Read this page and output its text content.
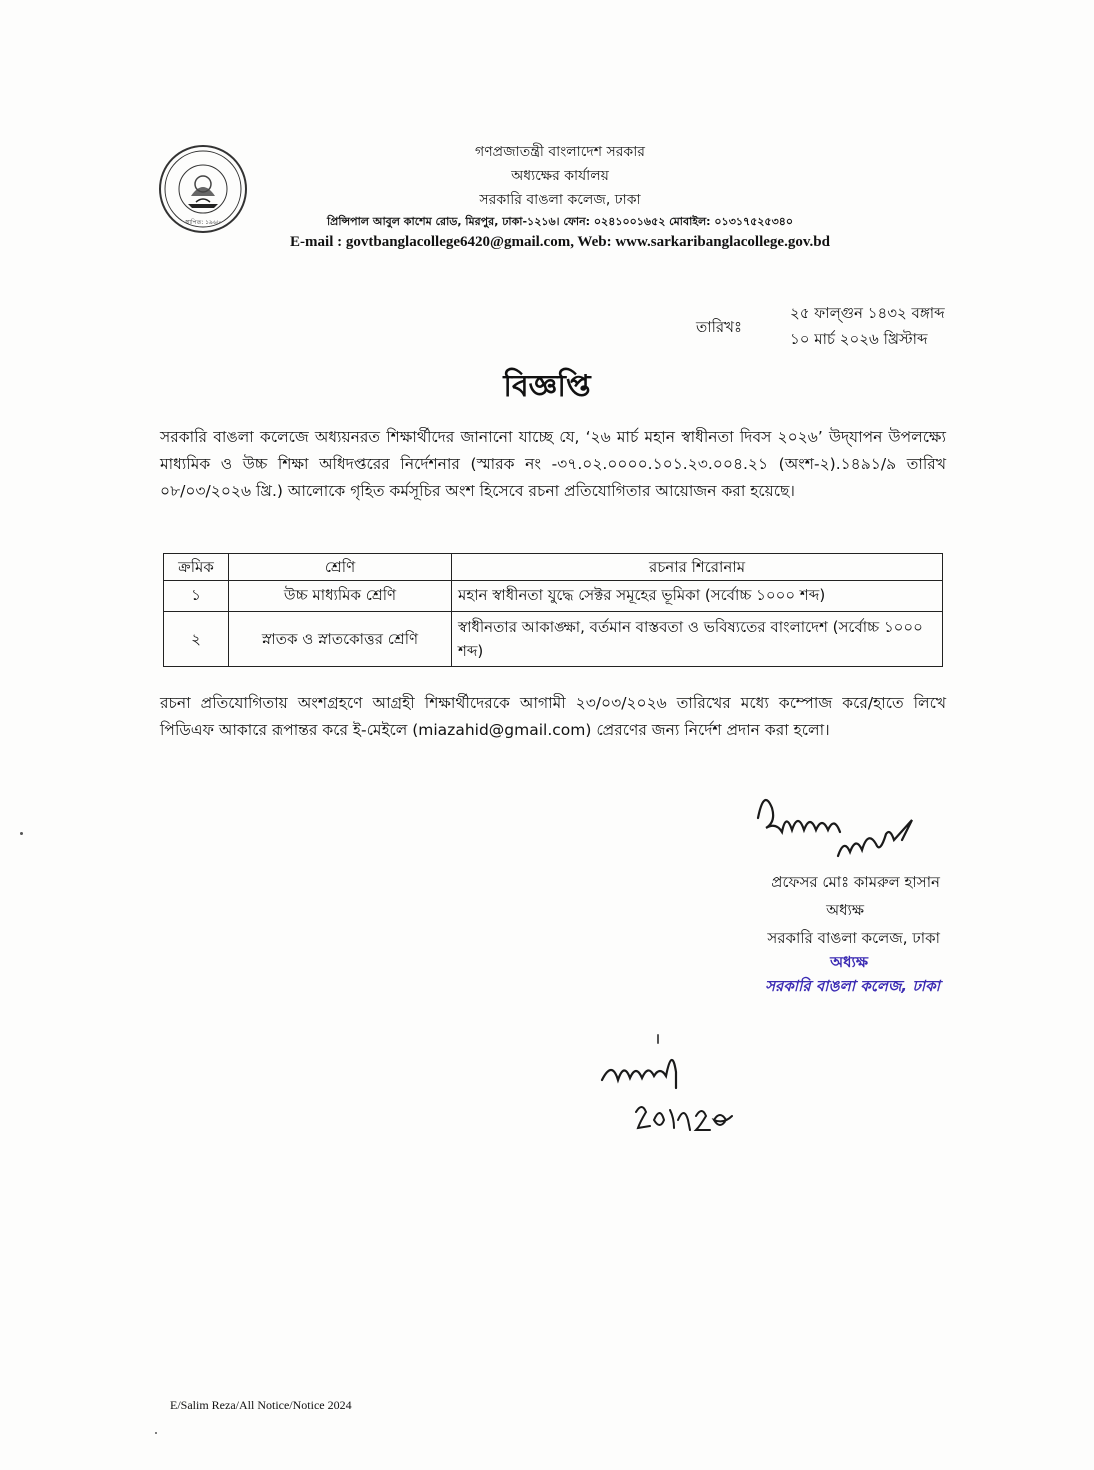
স্থাপিত: ১৯৬৮
গণপ্রজাতন্ত্রী বাংলাদেশ সরকার
অধ্যক্ষের কার্যালয়
সরকারি বাঙলা কলেজ, ঢাকা
প্রিন্সিপাল আবুল কাশেম রোড, মিরপুর, ঢাকা-১২১৬। ফোন: ০২৪১০০১৬৫২ মোবাইল: ০১৩১৭৫২৫৩৪০
E-mail : govtbanglacollege6420@gmail.com, Web: www.sarkaribanglacollege.gov.bd
তারিখঃ
২৫ ফাল্গুন ১৪৩২ বঙ্গাব্দ
১০ মার্চ ২০২৬ খ্রিস্টাব্দ
বিজ্ঞপ্তি
সরকারি বাঙলা কলেজে অধ্যয়নরত শিক্ষার্থীদের জানানো যাচ্ছে যে, ‘২৬ মার্চ মহান স্বাধীনতা দিবস ২০২৬’ উদ্‌যাপন উপলক্ষ্যে মাধ্যমিক ও উচ্চ শিক্ষা অধিদপ্তরের নির্দেশনার (স্মারক নং -৩৭.০২.০০০০.১০১.২৩.০০৪.২১ (অংশ-২).১৪৯১/৯ তারিখ ০৮/০৩/২০২৬ খ্রি.) আলোকে গৃহিত কর্মসূচির অংশ হিসেবে রচনা প্রতিযোগিতার আয়োজন করা হয়েছে।
ক্রমিক	শ্রেণি	রচনার শিরোনাম
১	উচ্চ মাধ্যমিক শ্রেণি	মহান স্বাধীনতা যুদ্ধে সেক্টর সমূহের ভূমিকা (সর্বোচ্চ ১০০০ শব্দ)
২	স্নাতক ও স্নাতকোত্তর শ্রেণি	স্বাধীনতার আকাঙ্ক্ষা, বর্তমান বাস্তবতা ও ভবিষ্যতের বাংলাদেশ (সর্বোচ্চ ১০০০ শব্দ)
রচনা প্রতিযোগিতায় অংশগ্রহণে আগ্রহী শিক্ষার্থীদেরকে আগামী ২৩/০৩/২০২৬ তারিখের মধ্যে কম্পোজ করে/হাতে লিখে পিডিএফ আকারে রূপান্তর করে ই-মেইলে (miazahid@gmail.com) প্রেরণের জন্য নির্দেশ প্রদান করা হলো।
প্রফেসর মোঃ কামরুল হাসান
অধ্যক্ষ
সরকারি বাঙলা কলেজ, ঢাকা
অধ্যক্ষ
সরকারি বাঙলা কলেজ, ঢাকা
E/Salim Reza/All Notice/Notice 2024
